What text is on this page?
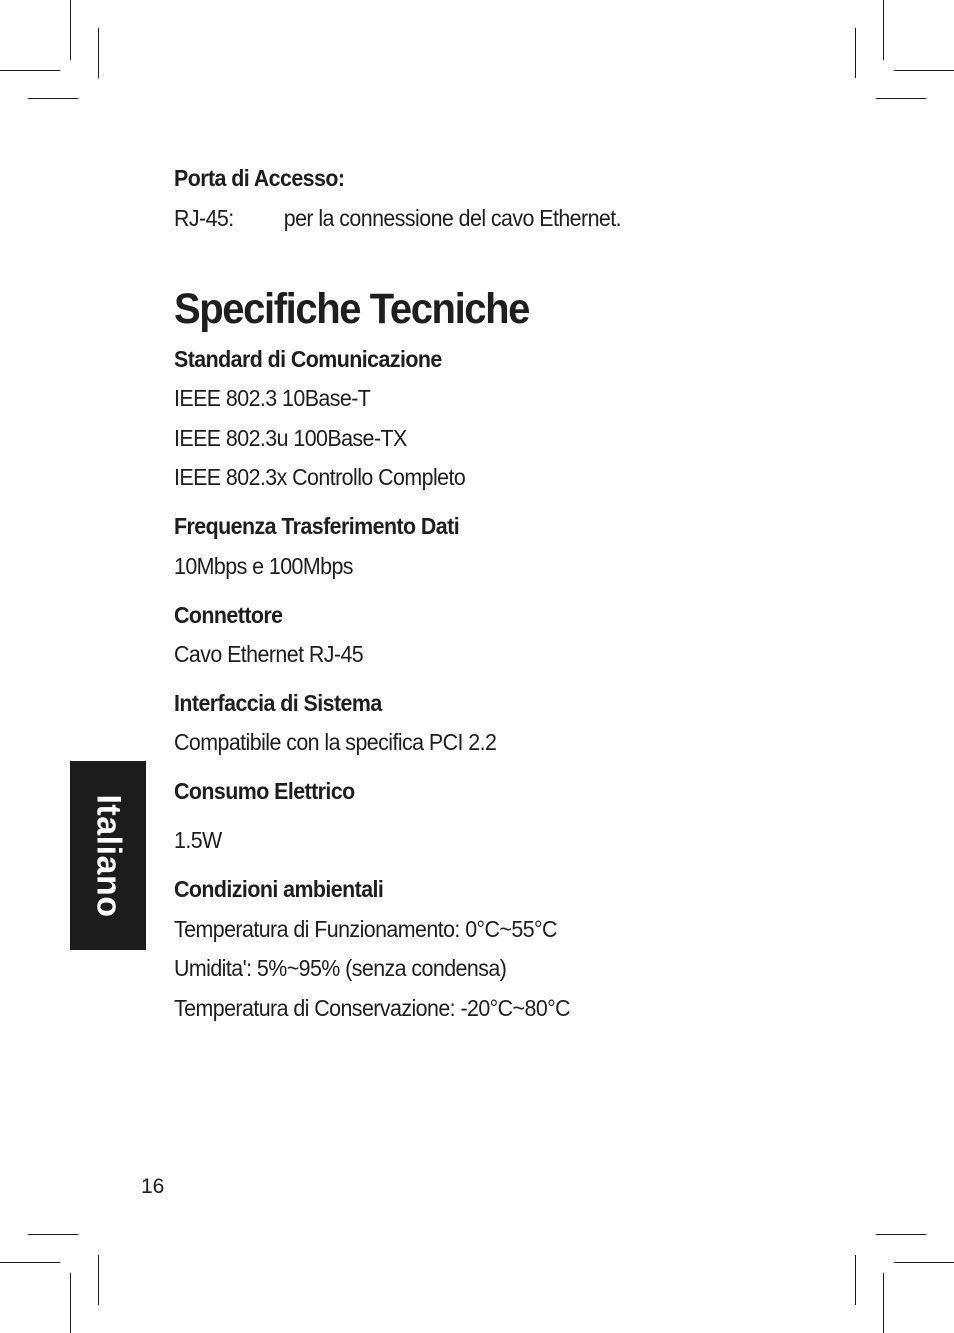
Porta di Accesso:
RJ-45: per la connessione del cavo Ethernet.
Specifiche Tecniche
Standard di Comunicazione
IEEE 802.3 10Base-T
IEEE 802.3u 100Base-TX
IEEE 802.3x Controllo Completo
Frequenza Trasferimento Dati
10Mbps e 100Mbps
Connettore
Cavo Ethernet RJ-45
Interfaccia di Sistema
Compatibile con la specifica PCI 2.2
Consumo Elettrico
1.5W
Condizioni ambientali
Temperatura di Funzionamento: 0°C~55°C
Umidita': 5%~95% (senza condensa)
Temperatura di Conservazione: -20°C~80°C
Italiano
16
